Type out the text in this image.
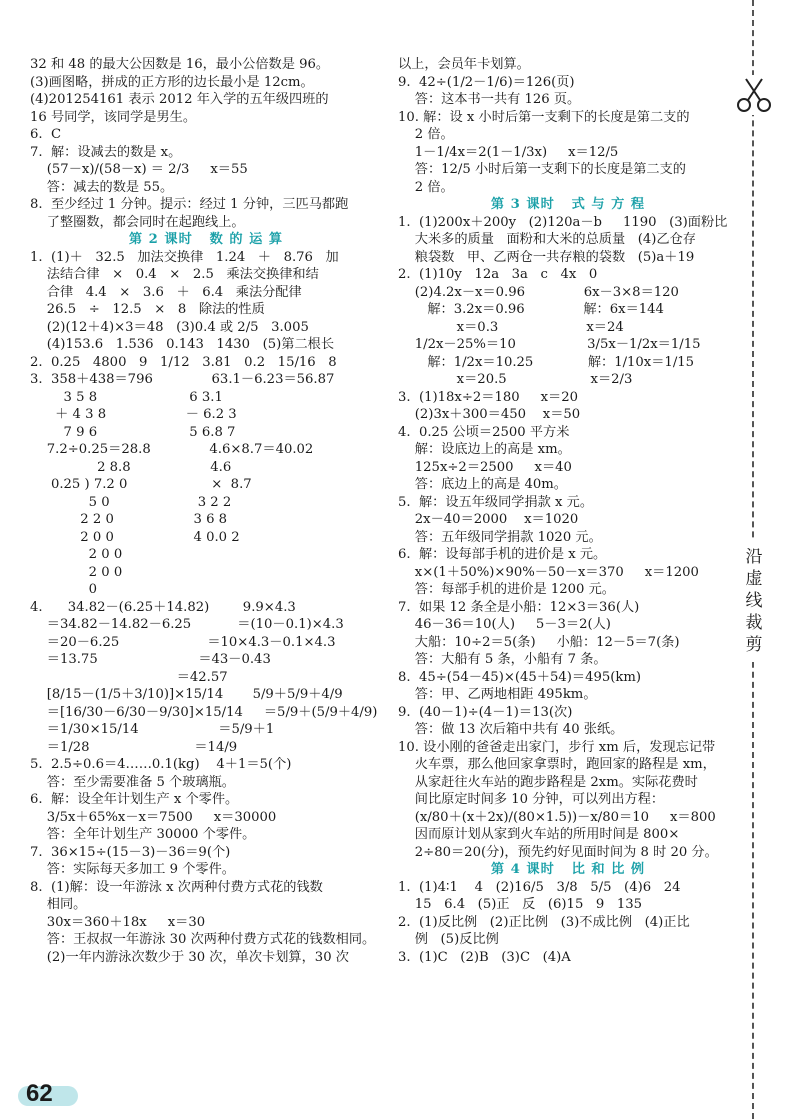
沿
虚
线
裁
剪
32 和 48 的最大公因数是 16，最小公倍数是 96。
(3)画图略，拼成的正方形的边长最小是 12cm。
(4)201254161 表示 2012 年入学的五年级四班的
16 号同学，该同学是男生。
6.  C
7.  解：设减去的数是 x。
(57－x)/(58－x) ＝ 2/3     x＝55
答：减去的数是 55。
8.  至少经过 1 分钟。提示：经过 1 分钟，三匹马都跑
了整圈数，都会同时在起跑线上。
第 2 课时   数 的 运 算
1.  (1)＋   32.5   加法交换律   1.24   ＋   8.76   加
法结合律   ×   0.4   ×   2.5   乘法交换律和结
合律   4.4   ×   3.6   ＋   6.4   乘法分配律
26.5   ÷   12.5   ×   8   除法的性质
(2)(12＋4)×3＝48   (3)0.4 或 2/5   3.005
(4)153.6   1.536   0.143   1430   (5)第二根长
2.  0.25   4800   9   1/12   3.81   0.2   15/16   8
3.  358＋438＝796              63.1－6.23＝56.87
3 5 8                      6 3.1
＋ 4 3 8                   － 6.2 3
7 9 6                      5 6.8 7
7.2÷0.25＝28.8              4.6×8.7＝40.02
2 8.8                   4.6
0.25 ) 7.2 0                    ×  8.7
5 0                     3 2 2
2 2 0                   3 6 8
2 0 0                   4 0.0 2
2 0 0
2 0 0
0
4.      34.82－(6.25＋14.82)        9.9×4.3
＝34.82－14.82－6.25           ＝(10－0.1)×4.3
＝20－6.25                     ＝10×4.3－0.1×4.3
＝13.75                        ＝43－0.43
＝42.57
[8/15－(1/5＋3/10)]×15/14       5/9＋5/9＋4/9
＝[16/30－6/30－9/30]×15/14     ＝5/9＋(5/9＋4/9)
＝1/30×15/14                   ＝5/9＋1
＝1/28                         ＝14/9
5.  2.5÷0.6＝4……0.1(kg)    4＋1＝5(个)
答：至少需要准备 5 个玻璃瓶。
6.  解：设全年计划生产 x 个零件。
3/5x＋65%x－x＝7500     x＝30000
答：全年计划生产 30000 个零件。
7.  36×15÷(15－3)－36＝9(个)
答：实际每天多加工 9 个零件。
8.  (1)解：设一年游泳 x 次两种付费方式花的钱数
相同。
30x＝360＋18x     x＝30
答：王叔叔一年游泳 30 次两种付费方式花的钱数相同。
(2)一年内游泳次数少于 30 次，单次卡划算，30 次
以上，会员年卡划算。
9.  42÷(1/2－1/6)＝126(页)
答：这本书一共有 126 页。
10. 解：设 x 小时后第一支剩下的长度是第二支的
2 倍。
1－1/4x＝2(1－1/3x)     x＝12/5
答：12/5 小时后第一支剩下的长度是第二支的
2 倍。
第 3 课时   式 与 方 程
1.  (1)200x＋200y   (2)120a－b     1190   (3)面粉比
大米多的质量   面粉和大米的总质量   (4)乙仓存
粮袋数   甲、乙两仓一共存粮的袋数   (5)a＋19
2.  (1)10y   12a   3a   c   4x   0
(2)4.2x－x＝0.96              6x－3×8＝120
解：3.2x＝0.96              解：6x＝144
x＝0.3                     x＝24
1/2x－25%＝10                 3/5x－1/2x＝1/15
解：1/2x＝10.25             解：1/10x＝1/15
x＝20.5                    x＝2/3
3.  (1)18x÷2＝180     x＝20
(2)3x＋300＝450    x＝50
4.  0.25 公顷＝2500 平方米
解：设底边上的高是 xm。
125x÷2＝2500     x＝40
答：底边上的高是 40m。
5.  解：设五年级同学捐款 x 元。
2x－40＝2000    x＝1020
答：五年级同学捐款 1020 元。
6.  解：设每部手机的进价是 x 元。
x×(1＋50%)×90%－50－x＝370     x＝1200
答：每部手机的进价是 1200 元。
7.  如果 12 条全是小船：12×3＝36(人)
46－36＝10(人)     5－3＝2(人)
大船：10÷2＝5(条)     小船：12－5＝7(条)
答：大船有 5 条，小船有 7 条。
8.  45÷(54－45)×(45＋54)＝495(km)
答：甲、乙两地相距 495km。
9.  (40－1)÷(4－1)＝13(次)
答：做 13 次后箱中共有 40 张纸。
10. 设小刚的爸爸走出家门，步行 xm 后，发现忘记带
火车票，那么他回家拿票时，跑回家的路程是 xm，
从家赶往火车站的跑步路程是 2xm。实际花费时
间比原定时间多 10 分钟，可以列出方程：
(x/80＋(x＋2x)/(80×1.5))－x/80＝10     x＝800
因而原计划从家到火车站的所用时间是 800×
2÷80＝20(分)，预先约好见面时间为 8 时 20 分。
第 4 课时   比 和 比 例
1.  (1)4∶1    4   (2)16/5   3/8   5/5   (4)6   24
15   6.4   (5)正   反   (6)15   9   135
2.  (1)反比例   (2)正比例   (3)不成比例   (4)正比
例   (5)反比例
3.  (1)C   (2)B   (3)C   (4)A
62
